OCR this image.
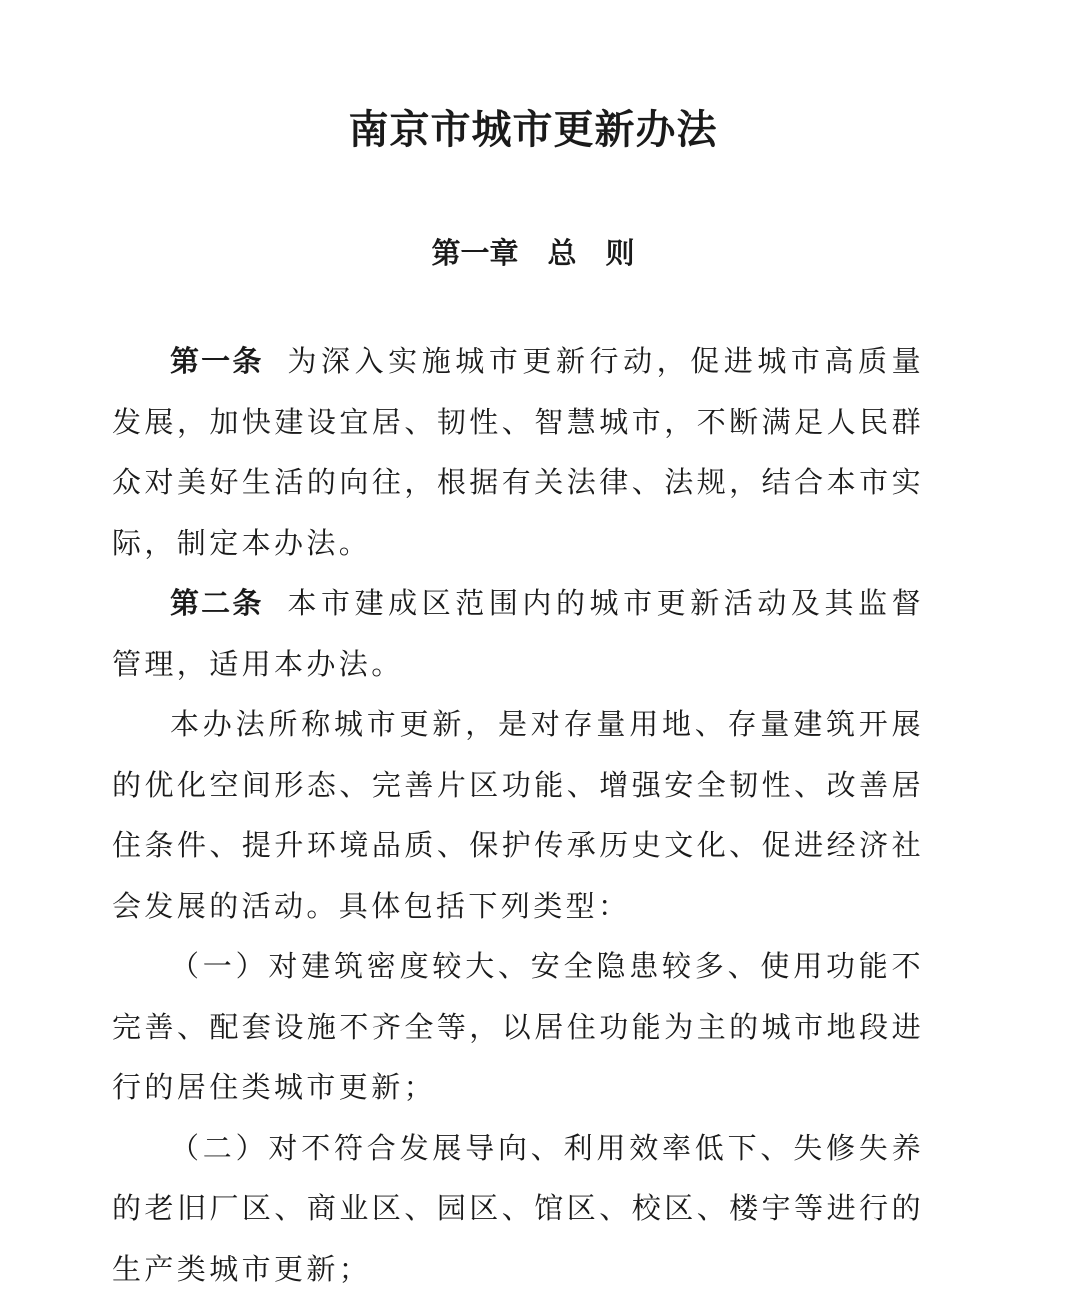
南京市城市更新办法
第一章　总　则

第一条 为深入实施城市更新行动，促进城市高质量发展，加快建设宜居、韧性、智慧城市，不断满足人民群众对美好生活的向往，根据有关法律、法规，结合本市实际，制定本办法。

第二条 本市建成区范围内的城市更新活动及其监督管理，适用本办法。

本办法所称城市更新，是对存量用地、存量建筑开展的优化空间形态、完善片区功能、增强安全韧性、改善居住条件、提升环境品质、保护传承历史文化、促进经济社会发展的活动。具体包括下列类型：

（一）对建筑密度较大、安全隐患较多、使用功能不完善、配套设施不齐全等，以居住功能为主的城市地段进行的居住类城市更新；

（二）对不符合发展导向、利用效率低下、失修失养的老旧厂区、商业区、园区、馆区、校区、楼宇等进行的生产类城市更新；
